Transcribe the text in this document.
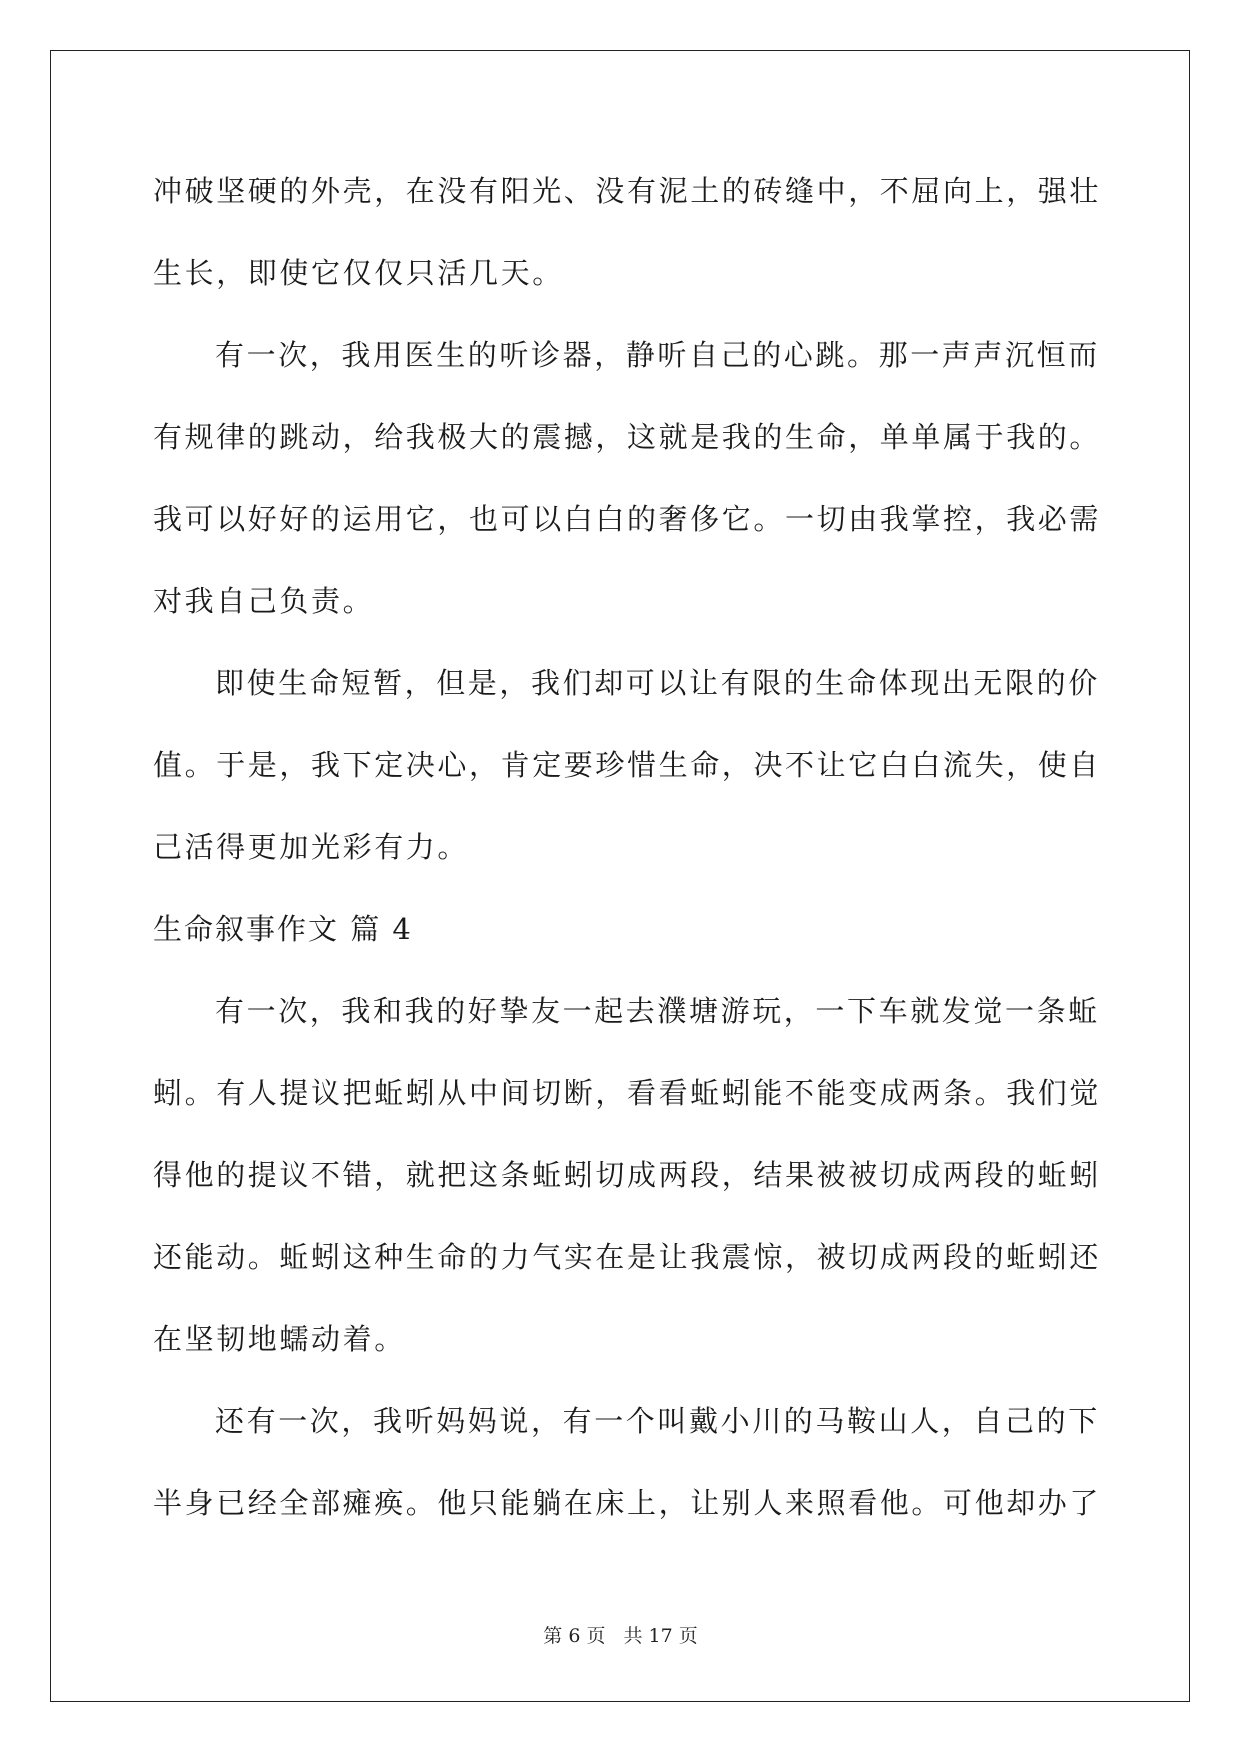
冲破坚硬的外壳，在没有阳光、没有泥土的砖缝中，不屈向上，强壮
生长，即使它仅仅只活几天。
有一次，我用医生的听诊器，静听自己的心跳。那一声声沉恒而
有规律的跳动，给我极大的震撼，这就是我的生命，单单属于我的。
我可以好好的运用它，也可以白白的奢侈它。一切由我掌控，我必需
对我自己负责。
即使生命短暂，但是，我们却可以让有限的生命体现出无限的价
值。于是，我下定决心，肯定要珍惜生命，决不让它白白流失，使自
己活得更加光彩有力。
生命叙事作文 篇 4
有一次，我和我的好挚友一起去濮塘游玩，一下车就发觉一条蚯
蚓。有人提议把蚯蚓从中间切断，看看蚯蚓能不能变成两条。我们觉
得他的提议不错，就把这条蚯蚓切成两段，结果被被切成两段的蚯蚓
还能动。蚯蚓这种生命的力气实在是让我震惊，被切成两段的蚯蚓还
在坚韧地蠕动着。
还有一次，我听妈妈说，有一个叫戴小川的马鞍山人，自己的下
半身已经全部瘫痪。他只能躺在床上，让别人来照看他。可他却办了
第 6 页 共 17 页
